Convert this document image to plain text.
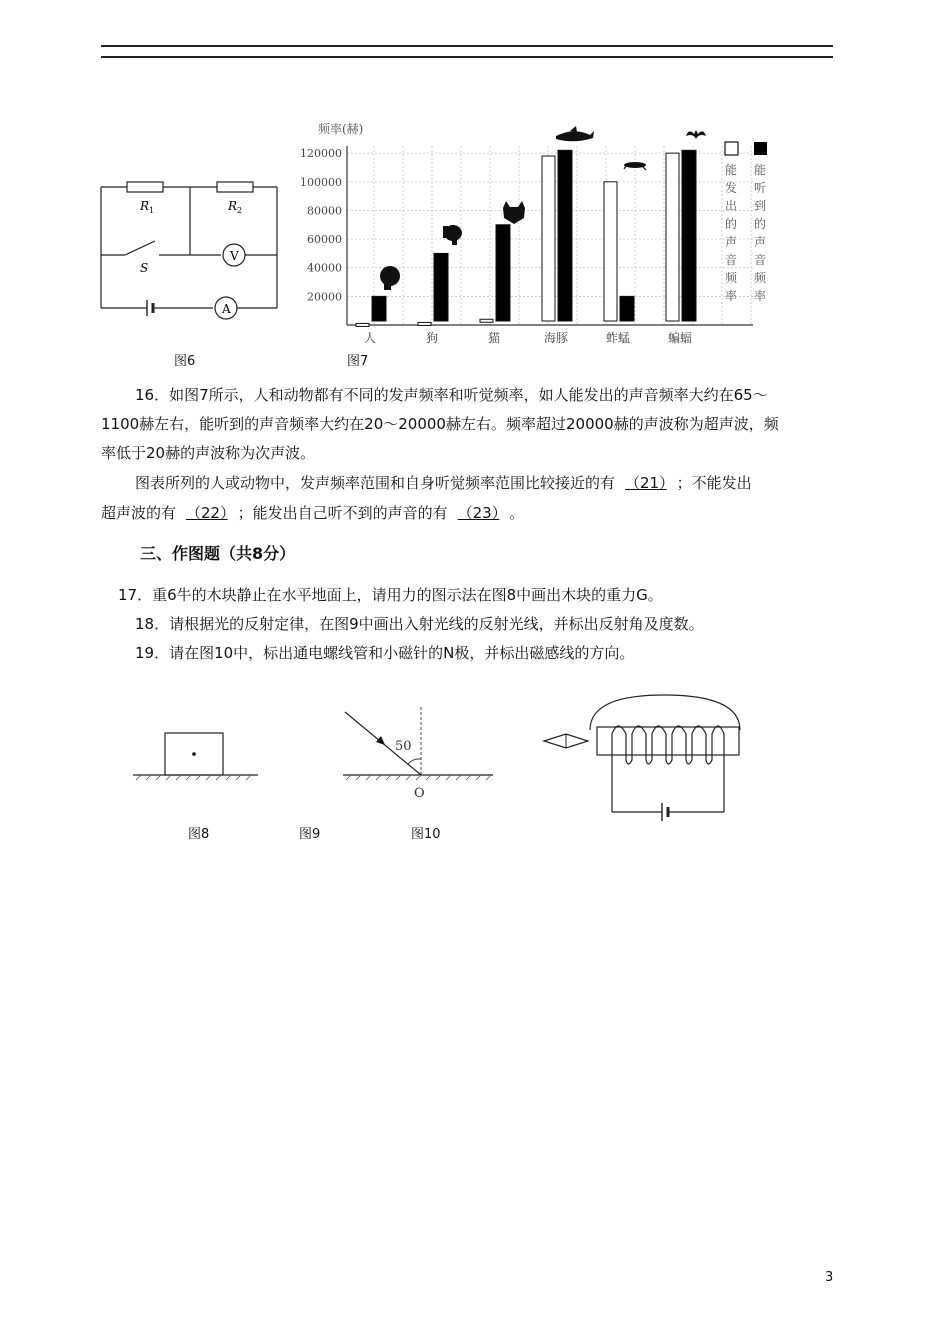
R 1	R 2
S
V
A
图6
频率(赫)
20000
40000
60000
80000
100000
120000
人	狗	猫	海豚	蚱蜢	蝙蝠
能
发
出
的
声
音
频
率
能
听
到
的
声
音
频
率
图7
16．如图7所示，人和动物都有不同的发声频率和听觉频率，如人能发出的声音频率大约在65～
1100赫左右，能听到的声音频率大约在20～20000赫左右。频率超过20000赫的声波称为超声波，频
率低于20赫的声波称为次声波。
图表所列的人或动物中，发声频率范围和自身听觉频率范围比较接近的有 （21） ；不能发出
超声波的有 （22） ；能发出自己听不到的声音的有 （23） 。
三、作图题（共8分）
17．重6牛的木块静止在水平地面上，请用力的图示法在图8中画出木块的重力G。
18．请根据光的反射定律，在图9中画出入射光线的反射光线，并标出反射角及度数。
19．请在图10中，标出通电螺线管和小磁针的N极，并标出磁感线的方向。
图8
50
O
图9	图10
3
